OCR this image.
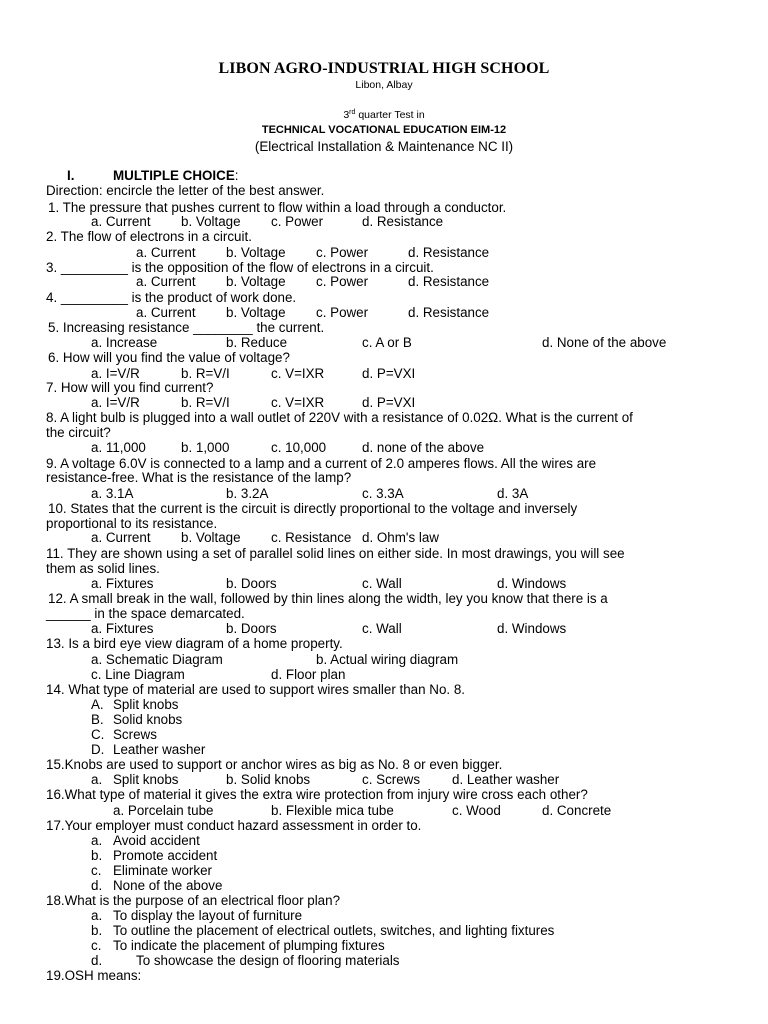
LIBON AGRO-INDUSTRIAL HIGH SCHOOL
Libon, Albay
3rd quarter Test in
TECHNICAL VOCATIONAL EDUCATION EIM-12
(Electrical Installation & Maintenance NC II)
I.	MULTIPLE CHOICE:
Direction: encircle the letter of the best answer.
1. The pressure that pushes current to flow within a load through a conductor.
a. Current b. Voltage c. Power	d. Resistance
2. The flow of electrons in a circuit.
a. Current b. Voltage c. Power	d. Resistance
3. _________ is the opposition of the flow of electrons in a circuit.
a. Current b. Voltage c. Power	d. Resistance
4. _________ is the product of work done.
a. Current b. Voltage c. Power	d. Resistance
5. Increasing resistance ________ the current.
a. Increase	b. Reduce	c. A or B	d. None of the above
6. How will you find the value of voltage?
a. I=V/R	b. R=V/I	c. V=IXR	d. P=VXI
7. How will you find current?
a. I=V/R	b. R=V/I	c. V=IXR	d. P=VXI
8. A light bulb is plugged into a wall outlet of 220V with a resistance of 0.02Ω. What is the current of
the circuit?
a. 11,000	b. 1,000	c. 10,000	d. none of the above
9. A voltage 6.0V is connected to a lamp and a current of 2.0 amperes flows. All the wires are
resistance-free. What is the resistance of the lamp?
a. 3.1A	b. 3.2A	c. 3.3A	d. 3A
10. States that the current is the circuit is directly proportional to the voltage and inversely
proportional to its resistance.
a. Current b. Voltage c. Resistance d. Ohm's law
11. They are shown using a set of parallel solid lines on either side. In most drawings, you will see
them as solid lines.
a. Fixtures	b. Doors	c. Wall	d. Windows
12. A small break in the wall, followed by thin lines along the width, ley you know that there is a
______ in the space demarcated.
a. Fixtures	b. Doors	c. Wall	d. Windows
13. Is a bird eye view diagram of a home property.
a. Schematic Diagram	b. Actual wiring diagram
c. Line Diagram	d. Floor plan
14. What type of material are used to support wires smaller than No. 8.
A. Split knobs
B. Solid knobs
C. Screws
D. Leather washer
15.Knobs are used to support or anchor wires as big as No. 8 or even bigger.
a. Split knobs	b. Solid knobs	c. Screws d. Leather washer
16.What type of material it gives the extra wire protection from injury wire cross each other?
a. Porcelain tube	b. Flexible mica tube	c. Wood	d. Concrete
17.Your employer must conduct hazard assessment in order to.
a. Avoid accident
b. Promote accident
c. Eliminate worker
d. None of the above
18.What is the purpose of an electrical floor plan?
a. To display the layout of furniture
b. To outline the placement of electrical outlets, switches, and lighting fixtures
c. To indicate the placement of plumping fixtures
d.	To showcase the design of flooring materials
19.OSH means:
